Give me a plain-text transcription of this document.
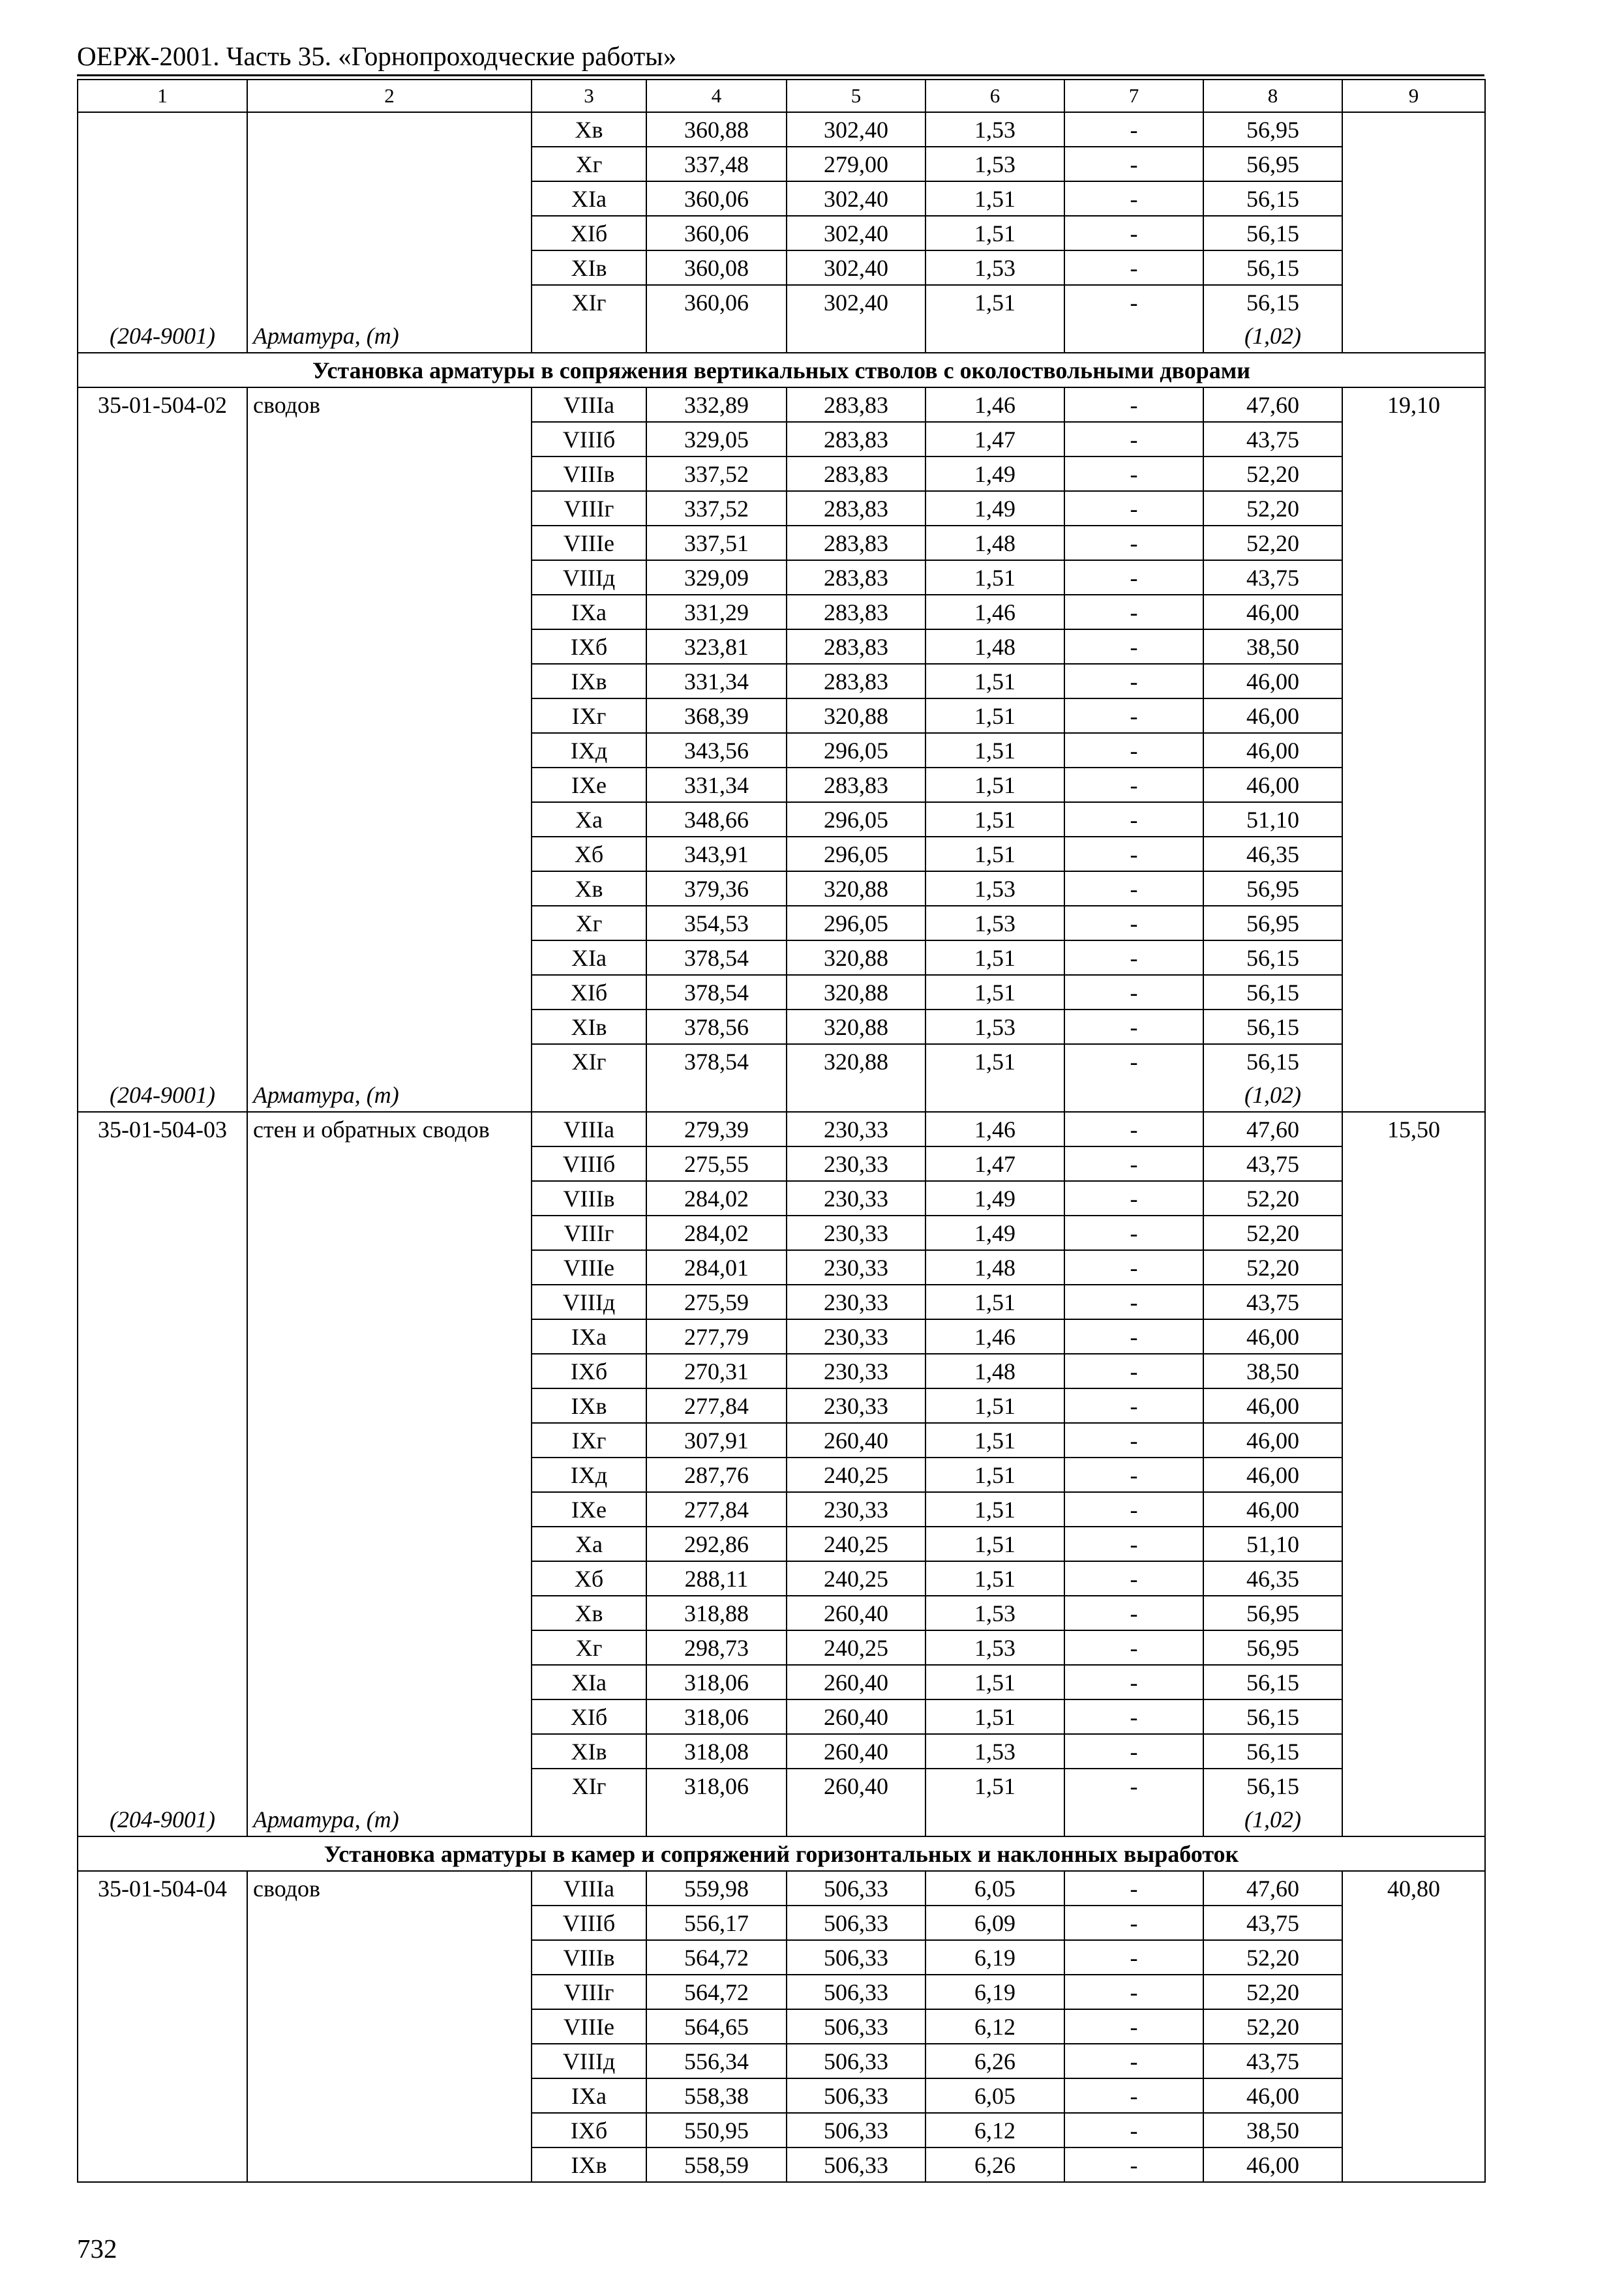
ОЕРЖ-2001. Часть 35. «Горнопроходческие работы»
1	2	3	4	5	6	7	8	9
		Xв	360,88	302,40	1,53	-	56,95	
		Xг	337,48	279,00	1,53	-	56,95	
		XIа	360,06	302,40	1,51	-	56,15	
		XIб	360,06	302,40	1,51	-	56,15	
		XIв	360,08	302,40	1,53	-	56,15	
		XIг	360,06	302,40	1,51	-	56,15	
(204-9001)	Арматура, (т)						(1,02)	
Установка арматуры в сопряжения вертикальных стволов с околоствольными дворами								
35-01-504-02	сводов	VIIIа	332,89	283,83	1,46	-	47,60	19,10
		VIIIб	329,05	283,83	1,47	-	43,75	
		VIIIв	337,52	283,83	1,49	-	52,20	
		VIIIг	337,52	283,83	1,49	-	52,20	
		VIIIе	337,51	283,83	1,48	-	52,20	
		VIIIд	329,09	283,83	1,51	-	43,75	
		IXа	331,29	283,83	1,46	-	46,00	
		IXб	323,81	283,83	1,48	-	38,50	
		IXв	331,34	283,83	1,51	-	46,00	
		IXг	368,39	320,88	1,51	-	46,00	
		IXд	343,56	296,05	1,51	-	46,00	
		IXе	331,34	283,83	1,51	-	46,00	
		Xа	348,66	296,05	1,51	-	51,10	
		Xб	343,91	296,05	1,51	-	46,35	
		Xв	379,36	320,88	1,53	-	56,95	
		Xг	354,53	296,05	1,53	-	56,95	
		XIа	378,54	320,88	1,51	-	56,15	
		XIб	378,54	320,88	1,51	-	56,15	
		XIв	378,56	320,88	1,53	-	56,15	
		XIг	378,54	320,88	1,51	-	56,15	
(204-9001)	Арматура, (т)						(1,02)	
35-01-504-03	стен и обратных сводов	VIIIа	279,39	230,33	1,46	-	47,60	15,50
		VIIIб	275,55	230,33	1,47	-	43,75	
		VIIIв	284,02	230,33	1,49	-	52,20	
		VIIIг	284,02	230,33	1,49	-	52,20	
		VIIIе	284,01	230,33	1,48	-	52,20	
		VIIIд	275,59	230,33	1,51	-	43,75	
		IXа	277,79	230,33	1,46	-	46,00	
		IXб	270,31	230,33	1,48	-	38,50	
		IXв	277,84	230,33	1,51	-	46,00	
		IXг	307,91	260,40	1,51	-	46,00	
		IXд	287,76	240,25	1,51	-	46,00	
		IXе	277,84	230,33	1,51	-	46,00	
		Xа	292,86	240,25	1,51	-	51,10	
		Xб	288,11	240,25	1,51	-	46,35	
		Xв	318,88	260,40	1,53	-	56,95	
		Xг	298,73	240,25	1,53	-	56,95	
		XIа	318,06	260,40	1,51	-	56,15	
		XIб	318,06	260,40	1,51	-	56,15	
		XIв	318,08	260,40	1,53	-	56,15	
		XIг	318,06	260,40	1,51	-	56,15	
(204-9001)	Арматура, (т)						(1,02)	
Установка арматуры в камер и сопряжений горизонтальных и наклонных выработок								
35-01-504-04	сводов	VIIIа	559,98	506,33	6,05	-	47,60	40,80
		VIIIб	556,17	506,33	6,09	-	43,75	
		VIIIв	564,72	506,33	6,19	-	52,20	
		VIIIг	564,72	506,33	6,19	-	52,20	
		VIIIе	564,65	506,33	6,12	-	52,20	
		VIIIд	556,34	506,33	6,26	-	43,75	
		IXа	558,38	506,33	6,05	-	46,00	
		IXб	550,95	506,33	6,12	-	38,50	
		IXв	558,59	506,33	6,26	-	46,00	
732
